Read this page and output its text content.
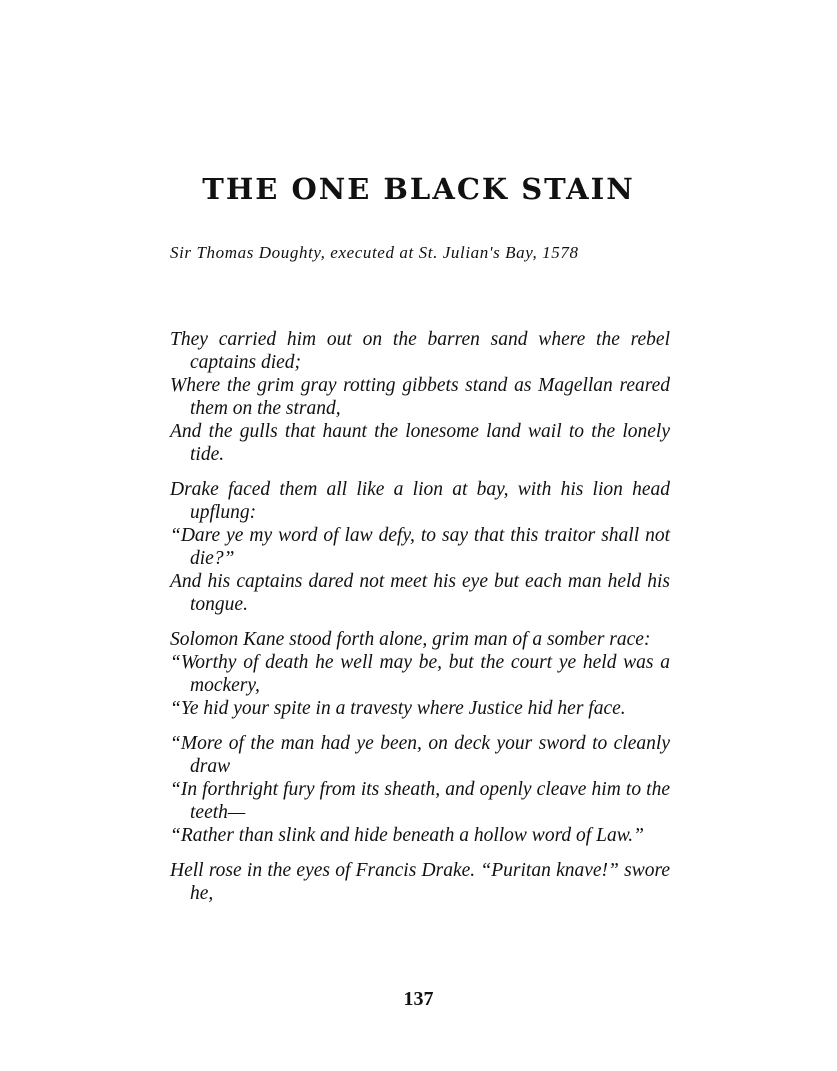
THE ONE BLACK STAIN

Sir Thomas Doughty, executed at St. Julian's Bay, 1578

They carried him out on the barren sand where the rebel captains died;

Where the grim gray rotting gibbets stand as Magellan reared them on the strand,

And the gulls that haunt the lonesome land wail to the lonely tide.

Drake faced them all like a lion at bay, with his lion head upflung:

“Dare ye my word of law defy, to say that this traitor shall not die?”

And his captains dared not meet his eye but each man held his tongue.

Solomon Kane stood forth alone, grim man of a somber race:

“Worthy of death he well may be, but the court ye held was a mockery,

“Ye hid your spite in a travesty where Justice hid her face.

“More of the man had ye been, on deck your sword to cleanly draw

“In forthright fury from its sheath, and openly cleave him to the teeth—

“Rather than slink and hide beneath a hollow word of Law.”

Hell rose in the eyes of Francis Drake. “Puritan knave!” swore he,

137
